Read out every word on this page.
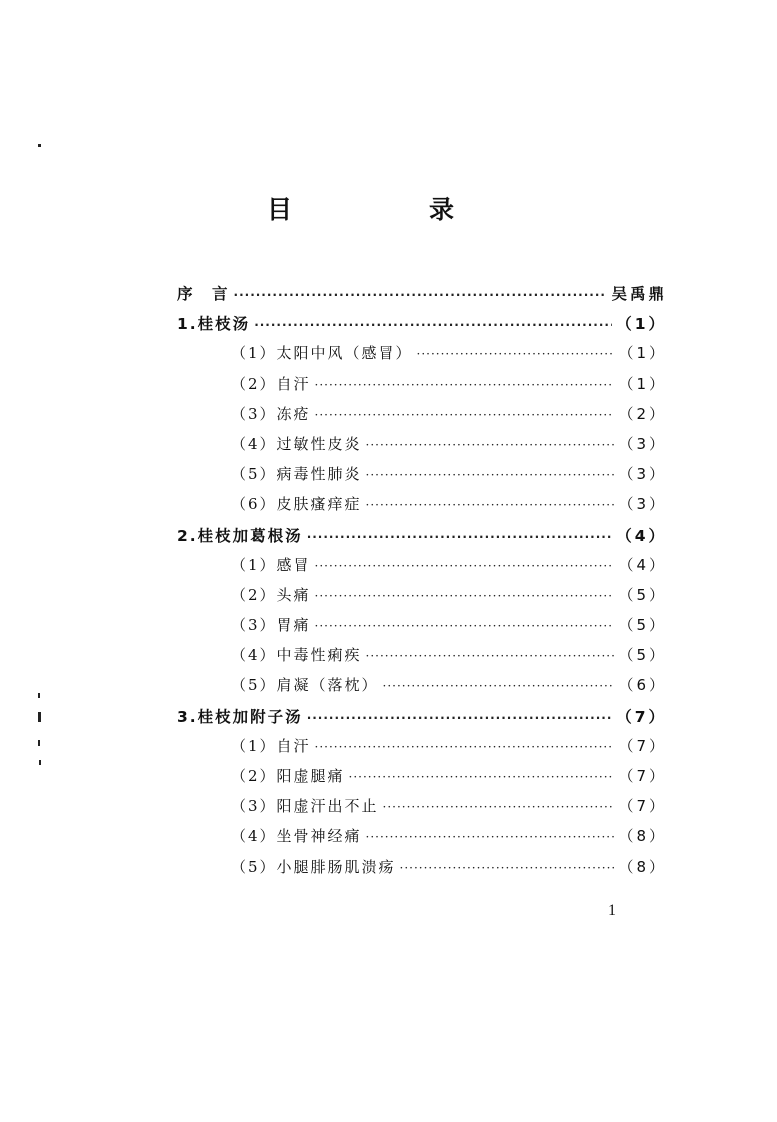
目　录
序　言 ·····	吴禹鼎
1.桂枝汤 ·····	（1）
（1）太阳中风（感冒） ·····	（1）
（2）自汗 ·····	（1）
（3）冻疮 ·····	（2）
（4）过敏性皮炎 ·····	（3）
（5）病毒性肺炎 ·····	（3）
（6）皮肤瘙痒症 ·····	（3）
2.桂枝加葛根汤 ·····	（4）
（1）感冒 ·····	（4）
（2）头痛 ·····	（5）
（3）胃痛 ·····	（5）
（4）中毒性痢疾 ·····	（5）
（5）肩凝（落枕） ·····	（6）
3.桂枝加附子汤 ·····	（7）
（1）自汗 ·····	（7）
（2）阳虚腿痛 ·····	（7）
（3）阳虚汗出不止 ·····	（7）
（4）坐骨神经痛 ·····	（8）
（5）小腿腓肠肌溃疡 ·····	（8）
1
